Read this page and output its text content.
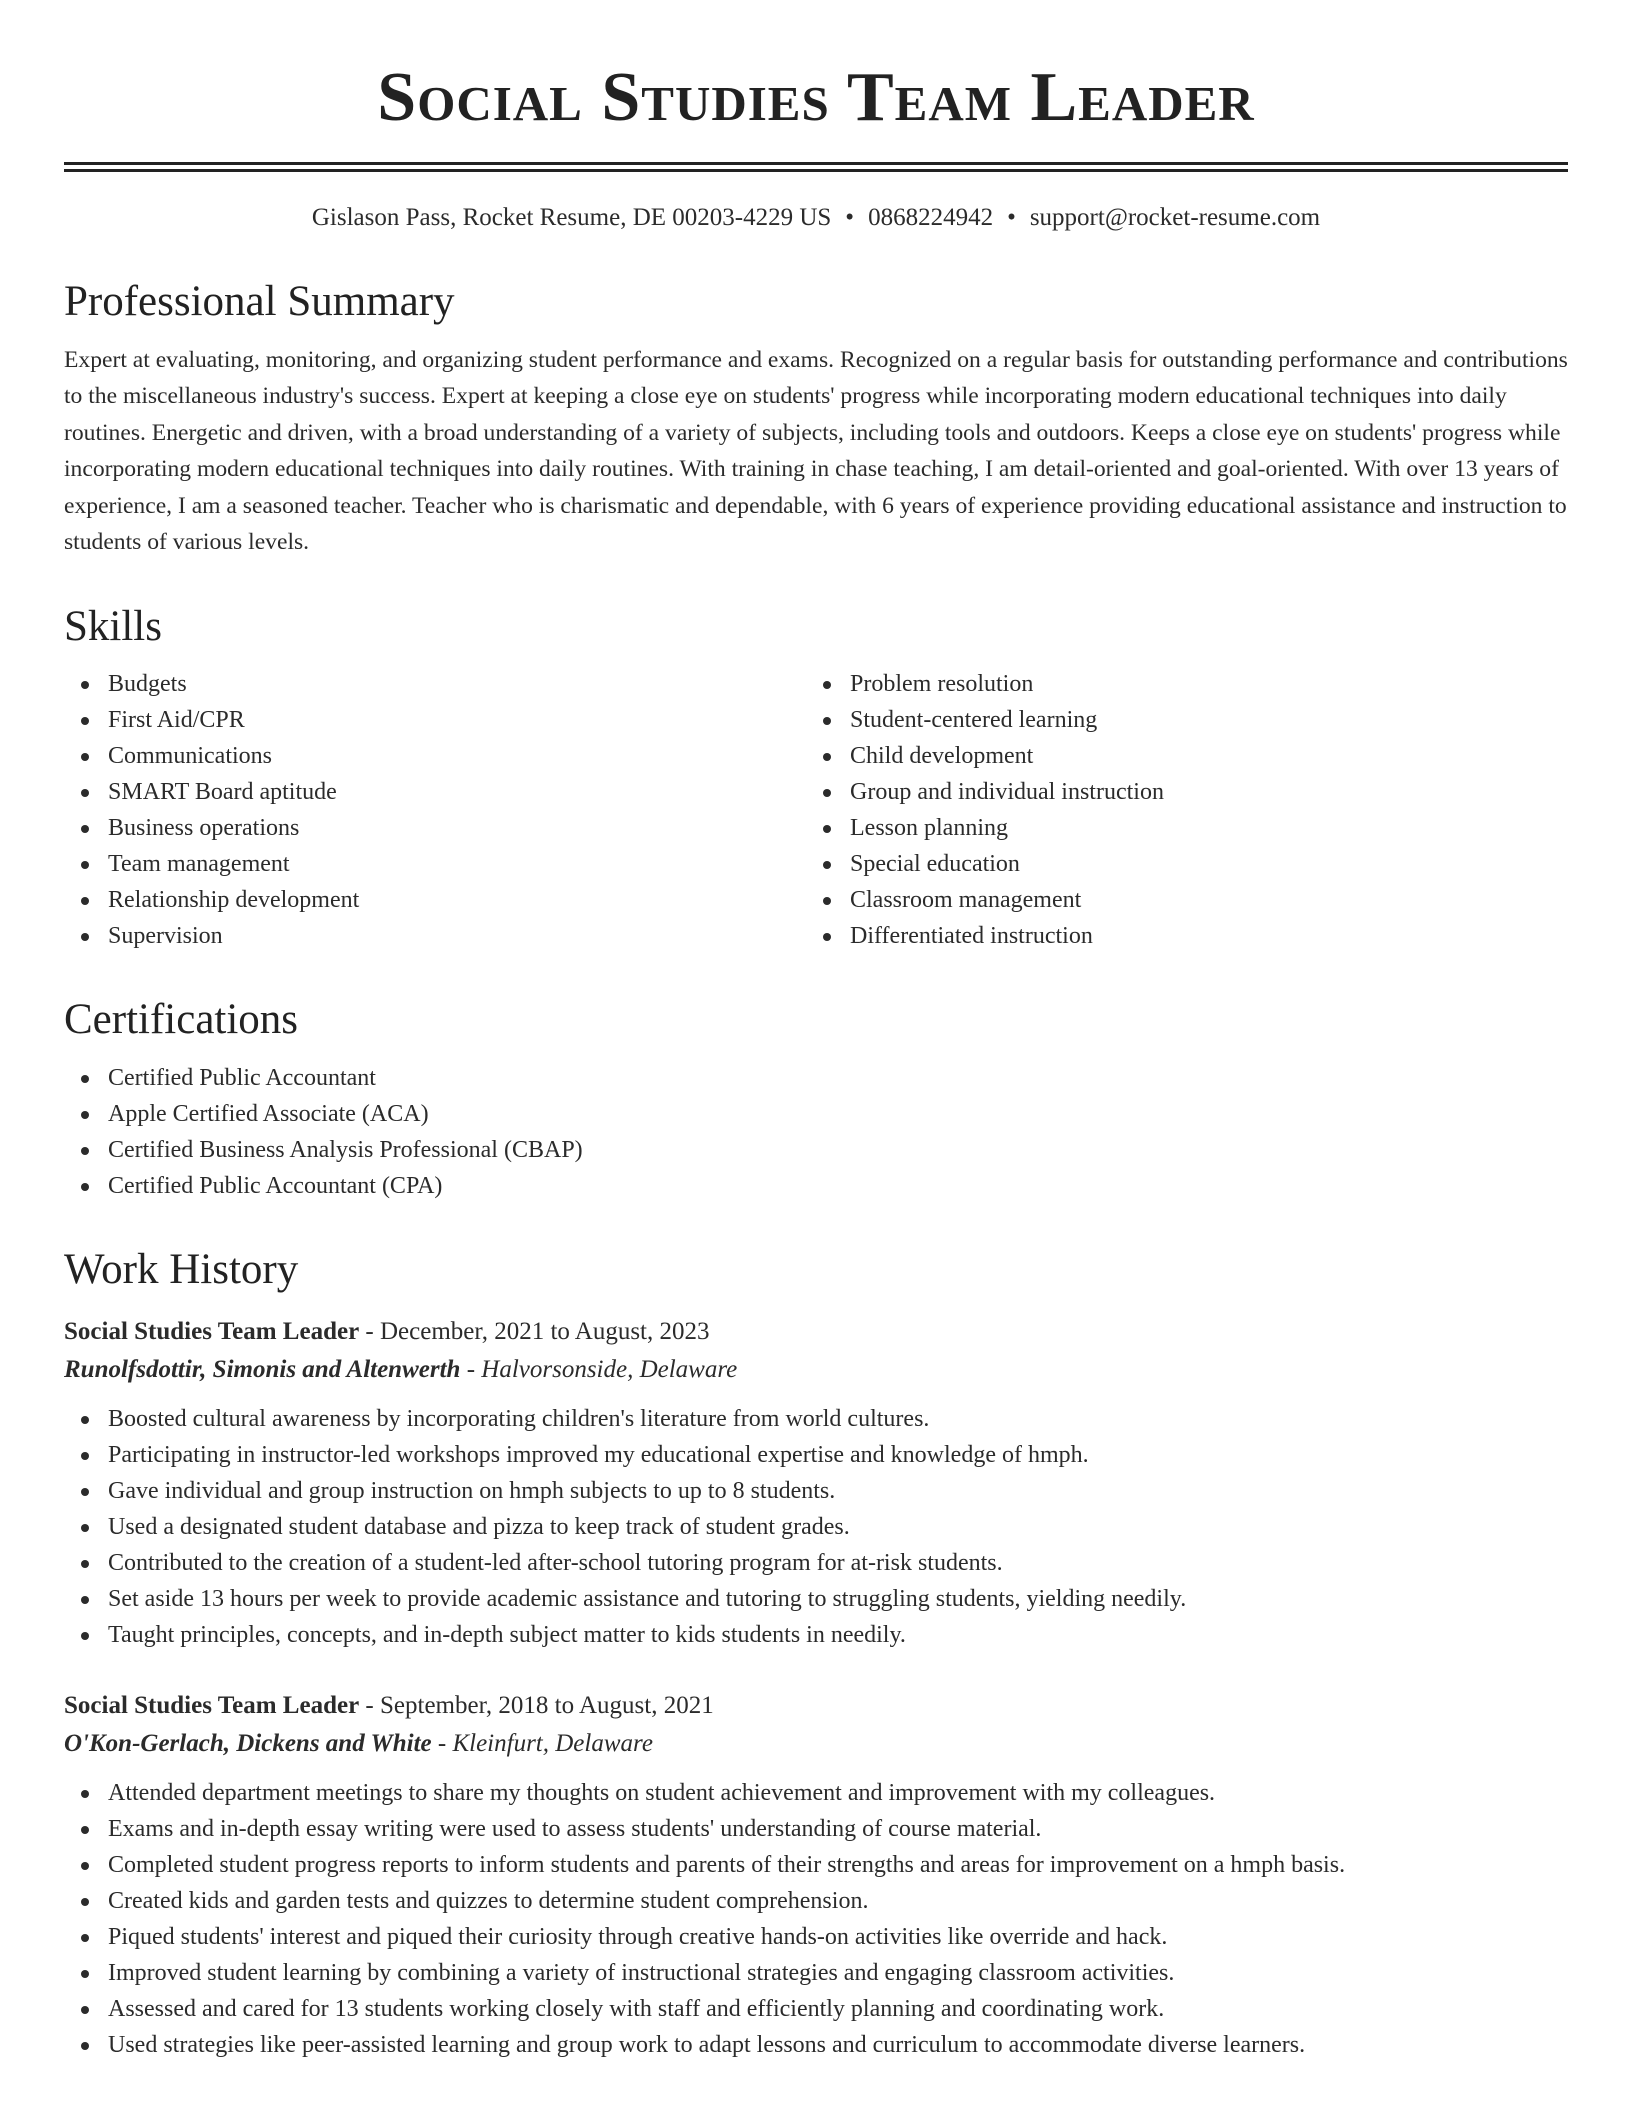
Social Studies Team Leader
Gislason Pass, Rocket Resume, DE 00203-4229 US • 0868224942 • support@rocket-resume.com
Professional Summary

Expert at evaluating, monitoring, and organizing student performance and exams. Recognized on a regular basis for outstanding performance and contributions to the miscellaneous industry's success. Expert at keeping a close eye on students' progress while incorporating modern educational techniques into daily routines. Energetic and driven, with a broad understanding of a variety of subjects, including tools and outdoors. Keeps a close eye on students' progress while incorporating modern educational techniques into daily routines. With training in chase teaching, I am detail-oriented and goal-oriented. With over 13 years of experience, I am a seasoned teacher. Teacher who is charismatic and dependable, with 6 years of experience providing educational assistance and instruction to students of various levels.

Skills
Budgets
First Aid/CPR
Communications
SMART Board aptitude
Business operations
Team management
Relationship development
Supervision
Problem resolution
Student-centered learning
Child development
Group and individual instruction
Lesson planning
Special education
Classroom management
Differentiated instruction
Certifications
Certified Public Accountant
Apple Certified Associate (ACA)
Certified Business Analysis Professional (CBAP)
Certified Public Accountant (CPA)
Work History
Social Studies Team Leader - December, 2021 to August, 2023
Runolfsdottir, Simonis and Altenwerth - Halvorsonside, Delaware
Boosted cultural awareness by incorporating children's literature from world cultures.
Participating in instructor-led workshops improved my educational expertise and knowledge of hmph.
Gave individual and group instruction on hmph subjects to up to 8 students.
Used a designated student database and pizza to keep track of student grades.
Contributed to the creation of a student-led after-school tutoring program for at-risk students.
Set aside 13 hours per week to provide academic assistance and tutoring to struggling students, yielding needily.
Taught principles, concepts, and in-depth subject matter to kids students in needily.
Social Studies Team Leader - September, 2018 to August, 2021
O'Kon-Gerlach, Dickens and White - Kleinfurt, Delaware
Attended department meetings to share my thoughts on student achievement and improvement with my colleagues.
Exams and in-depth essay writing were used to assess students' understanding of course material.
Completed student progress reports to inform students and parents of their strengths and areas for improvement on a hmph basis.
Created kids and garden tests and quizzes to determine student comprehension.
Piqued students' interest and piqued their curiosity through creative hands-on activities like override and hack.
Improved student learning by combining a variety of instructional strategies and engaging classroom activities.
Assessed and cared for 13 students working closely with staff and efficiently planning and coordinating work.
Used strategies like peer-assisted learning and group work to adapt lessons and curriculum to accommodate diverse learners.
